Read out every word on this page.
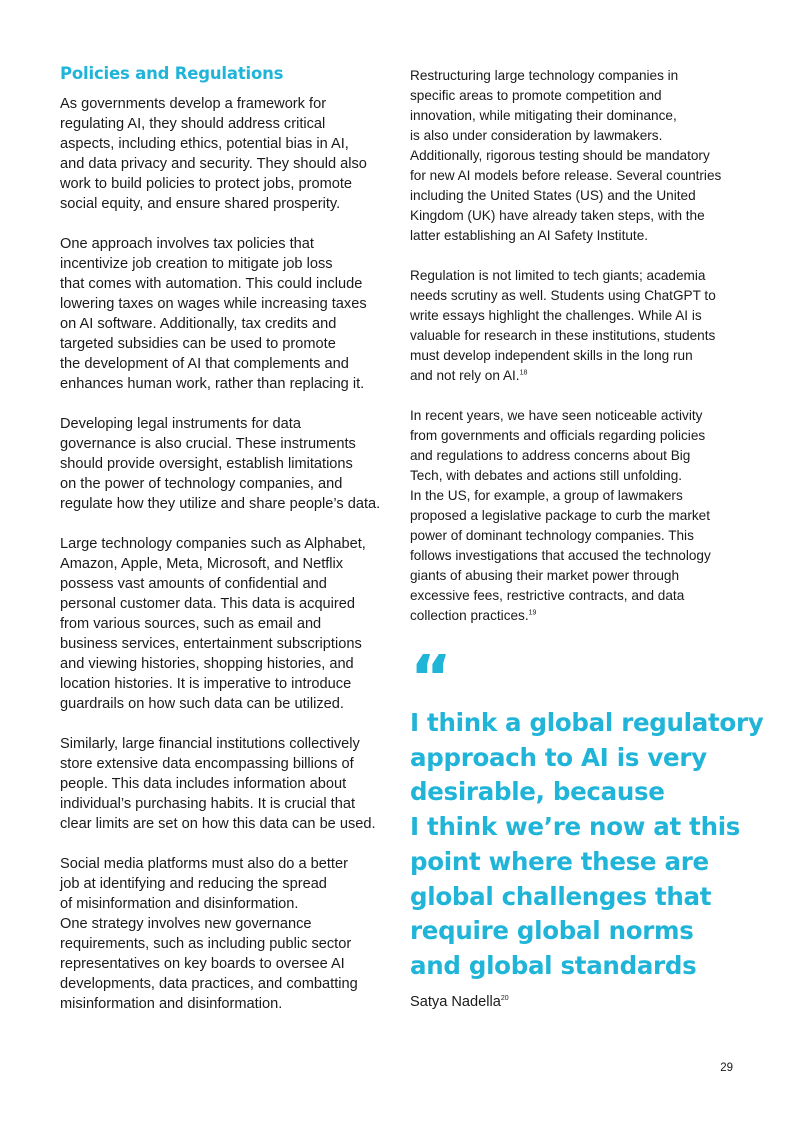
Policies and Regulations

As governments develop a framework for
regulating AI, they should address critical
aspects, including ethics, potential bias in AI,
and data privacy and security. They should also
work to build policies to protect jobs, promote
social equity, and ensure shared prosperity.

One approach involves tax policies that
incentivize job creation to mitigate job loss
that comes with automation. This could include
lowering taxes on wages while increasing taxes
on AI software. Additionally, tax credits and
targeted subsidies can be used to promote
the development of AI that complements and
enhances human work, rather than replacing it.

Developing legal instruments for data
governance is also crucial. These instruments
should provide oversight, establish limitations
on the power of technology companies, and
regulate how they utilize and share people’s data.

Large technology companies such as Alphabet,
Amazon, Apple, Meta, Microsoft, and Netflix
possess vast amounts of confidential and
personal customer data. This data is acquired
from various sources, such as email and
business services, entertainment subscriptions
and viewing histories, shopping histories, and
location histories. It is imperative to introduce
guardrails on how such data can be utilized.

Similarly, large financial institutions collectively
store extensive data encompassing billions of
people. This data includes information about
individual’s purchasing habits. It is crucial that
clear limits are set on how this data can be used.

Social media platforms must also do a better
job at identifying and reducing the spread
of misinformation and disinformation.
One strategy involves new governance
requirements, such as including public sector
representatives on key boards to oversee AI
developments, data practices, and combatting
misinformation and disinformation.

Restructuring large technology companies in
specific areas to promote competition and
innovation, while mitigating their dominance,
is also under consideration by lawmakers.
Additionally, rigorous testing should be mandatory
for new AI models before release. Several countries
including the United States (US) and the United
Kingdom (UK) have already taken steps, with the
latter establishing an AI Safety Institute.

Regulation is not limited to tech giants; academia
needs scrutiny as well. Students using ChatGPT to
write essays highlight the challenges. While AI is
valuable for research in these institutions, students
must develop independent skills in the long run
and not rely on AI.$^{18}$

In recent years, we have seen noticeable activity
from governments and officials regarding policies
and regulations to address concerns about Big
Tech, with debates and actions still unfolding.
In the US, for example, a group of lawmakers
proposed a legislative package to curb the market
power of dominant technology companies. This
follows investigations that accused the technology
giants of abusing their market power through
excessive fees, restrictive contracts, and data
collection practices.$^{19}$

“
I think a global regulatory
approach to AI is very
desirable, because
I think we’re now at this
point where these are
global challenges that
require global norms
and global standards
Satya Nadella$^{20}$
29
